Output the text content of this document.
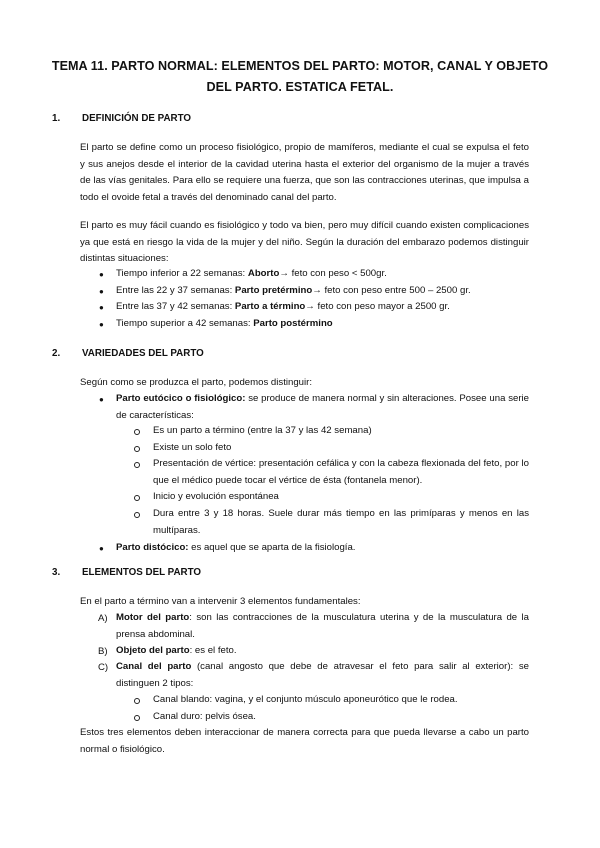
TEMA 11. PARTO NORMAL: ELEMENTOS DEL PARTO: MOTOR, CANAL Y OBJETO DEL PARTO. ESTATICA FETAL.
1. DEFINICIÓN DE PARTO

El parto se define como un proceso fisiológico, propio de mamíferos, mediante el cual se expulsa el feto y sus anejos desde el interior de la cavidad uterina hasta el exterior del organismo de la mujer a través de las vías genitales. Para ello se requiere una fuerza, que son las contracciones uterinas, que impulsa a todo el ovoide fetal a través del denominado canal del parto.

El parto es muy fácil cuando es fisiológico y todo va bien, pero muy difícil cuando existen complicaciones ya que está en riesgo la vida de la mujer y del niño. Según la duración del embarazo podemos distinguir distintas situaciones:

● Tiempo inferior a 22 semanas: Aborto→ feto con peso < 500gr.

● Entre las 22 y 37 semanas: Parto pretérmino→ feto con peso entre 500 – 2500 gr.

● Entre las 37 y 42 semanas: Parto a término→ feto con peso mayor a 2500 gr.

● Tiempo superior a 42 semanas: Parto postérmino

2. VARIEDADES DEL PARTO

Según como se produzca el parto, podemos distinguir:

● Parto eutócico o fisiológico: se produce de manera normal y sin alteraciones. Posee una serie de características:

Es un parto a término (entre la 37 y las 42 semana)

Existe un solo feto

Presentación de vértice: presentación cefálica y con la cabeza flexionada del feto, por lo que el médico puede tocar el vértice de ésta (fontanela menor).

Inicio y evolución espontánea

Dura entre 3 y 18 horas. Suele durar más tiempo en las primíparas y menos en las multíparas.

● Parto distócico: es aquel que se aparta de la fisiología.

3. ELEMENTOS DEL PARTO

En el parto a término van a intervenir 3 elementos fundamentales:

A) Motor del parto: son las contracciones de la musculatura uterina y de la musculatura de la prensa abdominal.

B) Objeto del parto: es el feto.

C) Canal del parto (canal angosto que debe de atravesar el feto para salir al exterior): se distinguen 2 tipos:

Canal blando: vagina, y el conjunto músculo aponeurótico que le rodea.

Canal duro: pelvis ósea.

Estos tres elementos deben interaccionar de manera correcta para que pueda llevarse a cabo un parto normal o fisiológico.
